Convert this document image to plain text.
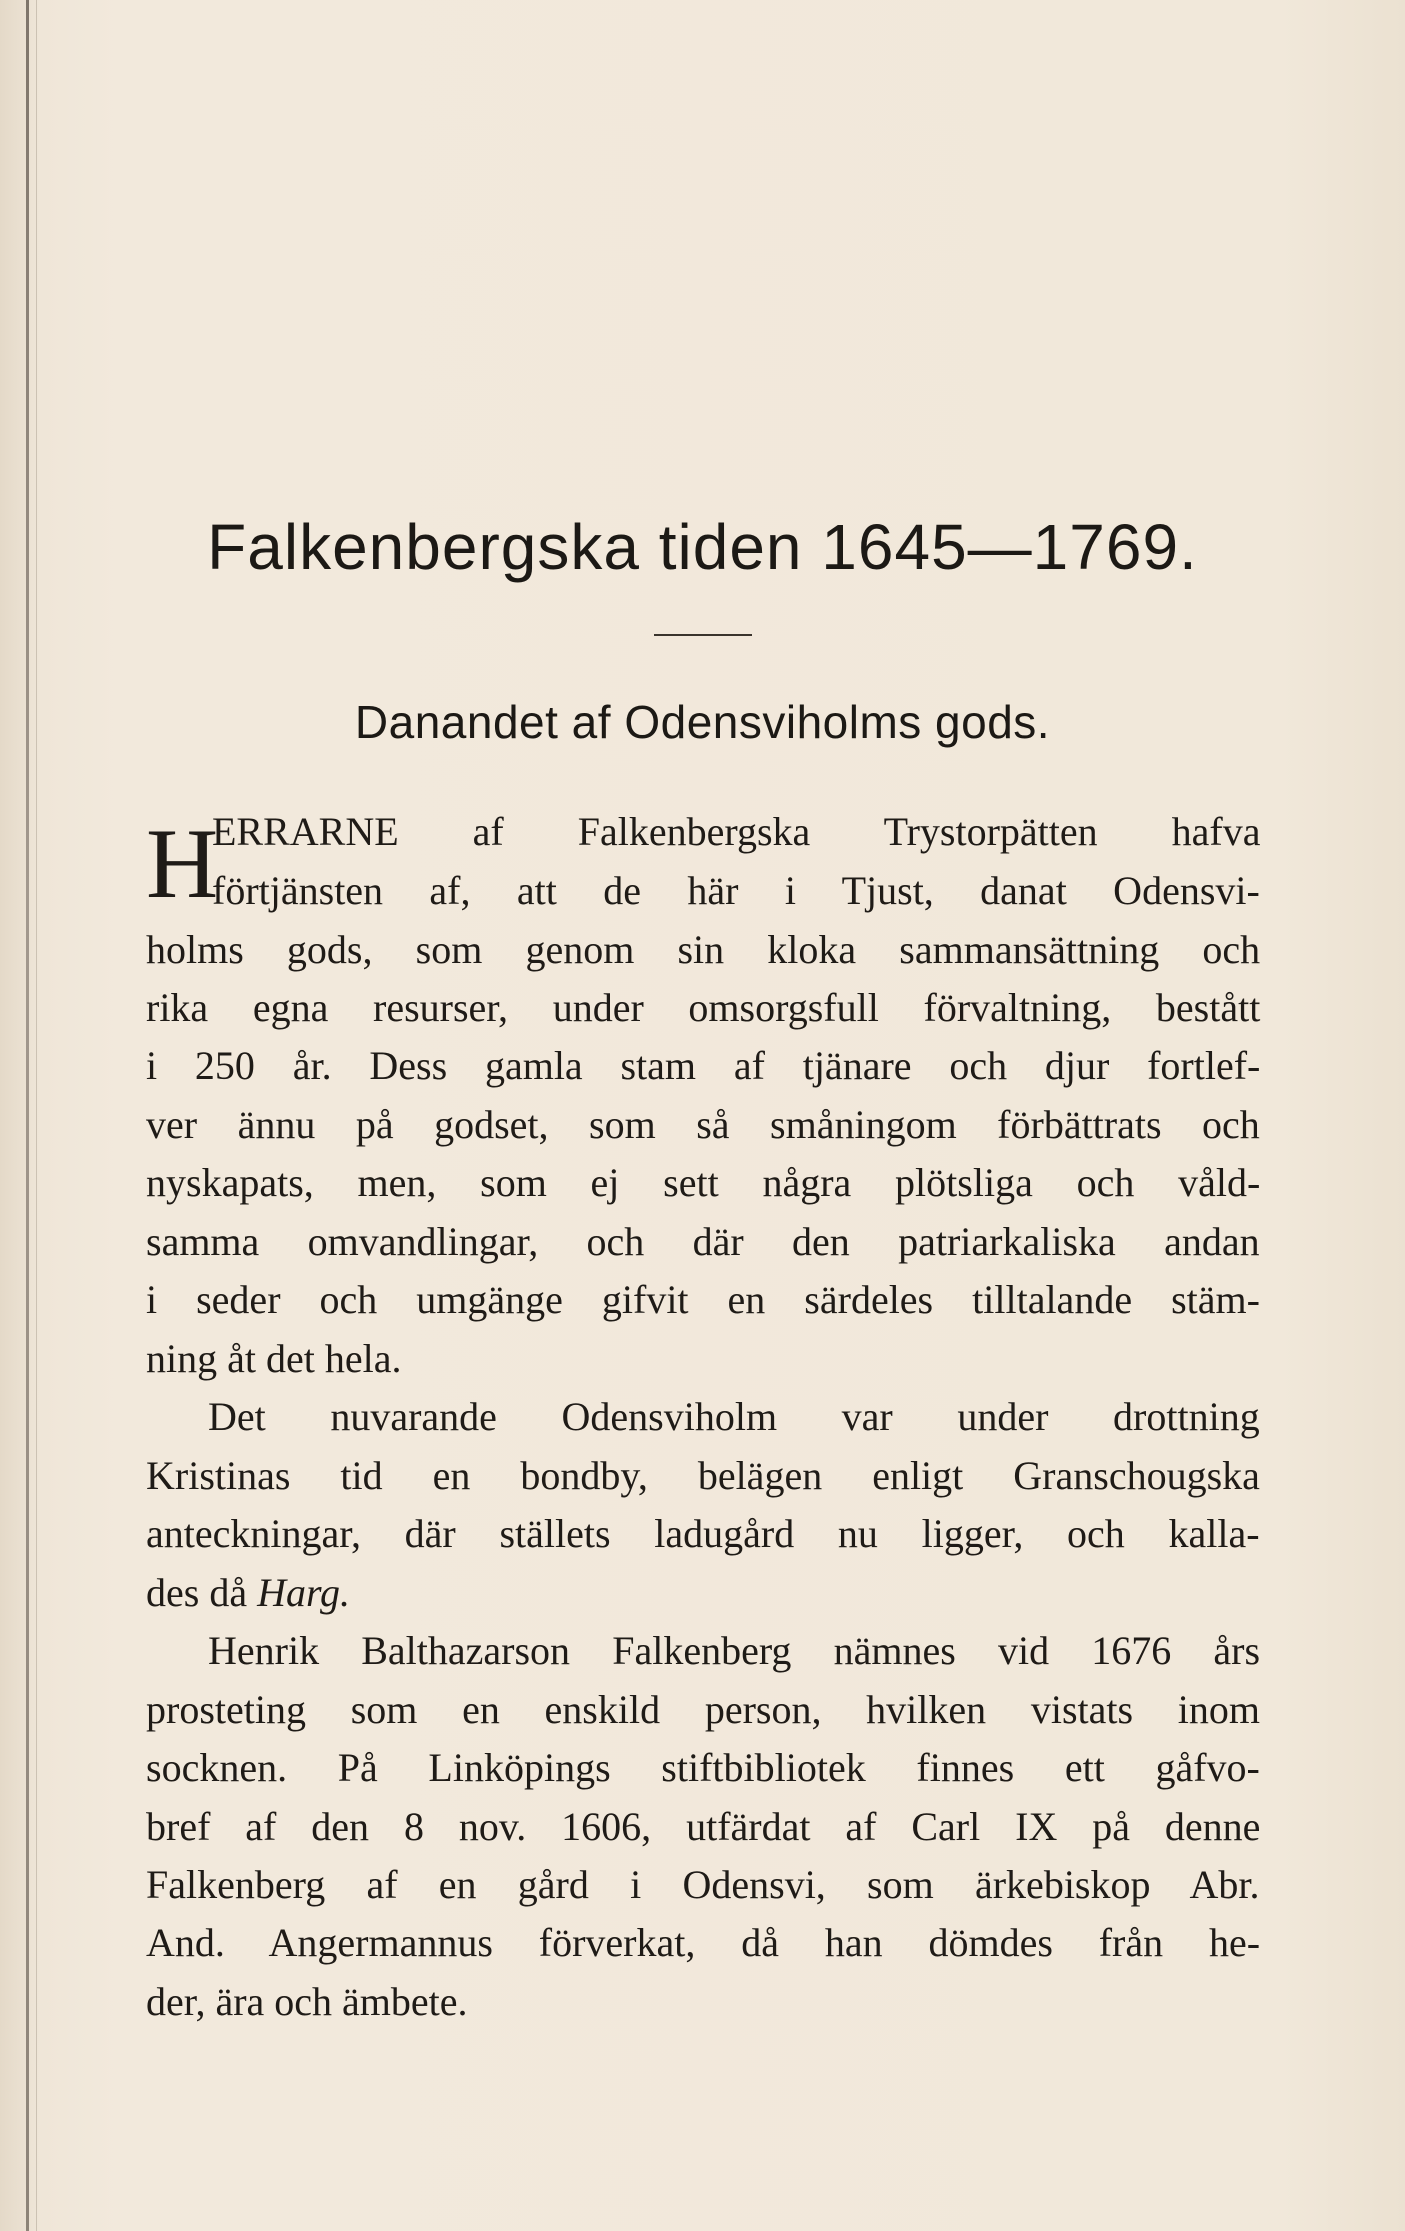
Falkenbergska tiden 1645—1769.
Danandet af Odensviholms gods.
H
ERRARNE af Falkenbergska Trystorpätten hafva
förtjänsten af, att de här i Tjust, danat Odensvi-
holms gods, som genom sin kloka sammansättning och
rika egna resurser, under omsorgsfull förvaltning, bestått
i 250 år. Dess gamla stam af tjänare och djur fortlef-
ver ännu på godset, som så småningom förbättrats och
nyskapats, men, som ej sett några plötsliga och våld-
samma omvandlingar, och där den patriarkaliska andan
i seder och umgänge gifvit en särdeles tilltalande stäm-
ning åt det hela.
Det nuvarande Odensviholm var under drottning
Kristinas tid en bondby, belägen enligt Granschougska
anteckningar, där ställets ladugård nu ligger, och kalla-
des då Harg.
Henrik Balthazarson Falkenberg nämnes vid 1676 års
prosteting som en enskild person, hvilken vistats inom
socknen. På Linköpings stiftbibliotek finnes ett gåfvo-
bref af den 8 nov. 1606, utfärdat af Carl IX på denne
Falkenberg af en gård i Odensvi, som ärkebiskop Abr.
And. Angermannus förverkat, då han dömdes från he-
der, ära och ämbete.
